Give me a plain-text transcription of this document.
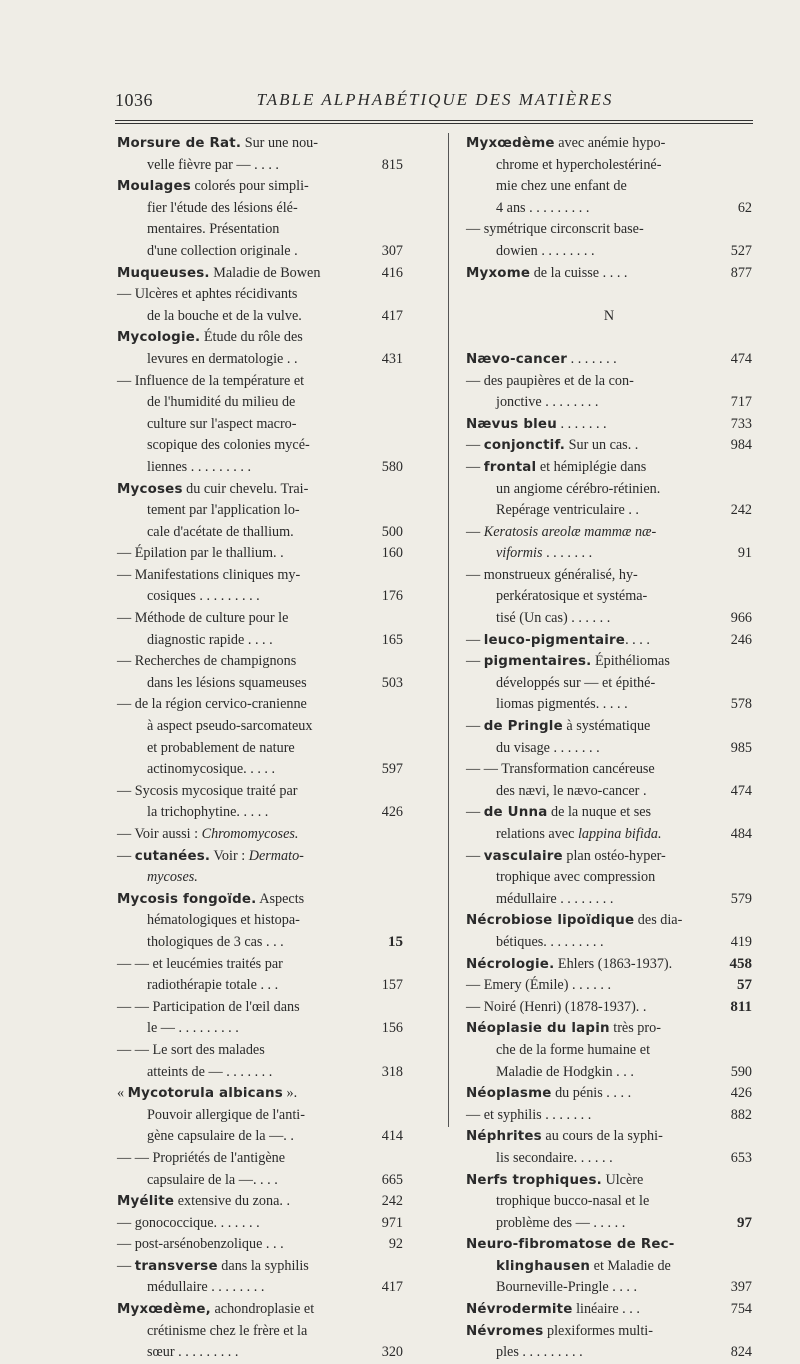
1036	TABLE ALPHABÉTIQUE DES MATIÈRES
Morsure de Rat. Sur une nou-
velle fièvre par — . . . .	815
Moulages colorés pour simpli-
fier l'étude des lésions élé-
mentaires. Présentation
d'une collection originale .	307
Muqueuses. Maladie de Bowen	416
— Ulcères et aphtes récidivants
de la bouche et de la vulve.	417
Mycologie. Étude du rôle des
levures en dermatologie . .	431
— Influence de la température et
de l'humidité du milieu de
culture sur l'aspect macro-
scopique des colonies mycé-
liennes . . . . . . . . .	580
Mycoses du cuir chevelu. Trai-
tement par l'application lo-
cale d'acétate de thallium.	500
— Épilation par le thallium. .	160
— Manifestations cliniques my-
cosiques . . . . . . . . .	176
— Méthode de culture pour le
diagnostic rapide . . . .	165
— Recherches de champignons
dans les lésions squameuses	503
— de la région cervico-cranienne
à aspect pseudo-sarcomateux
et probablement de nature
actinomycosique. . . . .	597
— Sycosis mycosique traité par
la trichophytine. . . . .	426
— Voir aussi : Chromomycoses.
— cutanées. Voir : Dermato-
mycoses.
Mycosis fongoïde. Aspects
hématologiques et histopa-
thologiques de 3 cas . . .	15
— — et leucémies traités par
radiothérapie totale . . .	157
— — Participation de l'œil dans
le — . . . . . . . . .	156
— — Le sort des malades
atteints de — . . . . . . .	318
« Mycotorula albicans ».
Pouvoir allergique de l'anti-
gène capsulaire de la —. .	414
— — Propriétés de l'antigène
capsulaire de la —. . . .	665
Myélite extensive du zona. .	242
— gonococcique. . . . . . .	971
— post-arsénobenzolique . . .	92
— transverse dans la syphilis
médullaire . . . . . . . .	417
Myxœdème, achondroplasie et
crétinisme chez le frère et la
sœur . . . . . . . . .	320
Myxœdème avec anémie hypo-
chrome et hypercholestériné-
mie chez une enfant de
4 ans . . . . . . . . .	62
— symétrique circonscrit base-
dowien . . . . . . . .	527
Myxome de la cuisse . . . .	877
N
Nævo-cancer . . . . . . .	474
— des paupières et de la con-
jonctive . . . . . . . .	717
Nævus bleu . . . . . . .	733
— conjonctif. Sur un cas. .	984
— frontal et hémiplégie dans
un angiome cérébro-rétinien.
Repérage ventriculaire . .	242
— Keratosis areolæ mammæ næ-
viformis . . . . . . .	91
— monstrueux généralisé, hy-
perkératosique et systéma-
tisé (Un cas) . . . . . .	966
— leuco-pigmentaire. . . .	246
— pigmentaires. Épithéliomas
développés sur — et épithé-
liomas pigmentés. . . . .	578
— de Pringle à systématique
du visage . . . . . . .	985
— — Transformation cancéreuse
des nævi, le nævo-cancer .	474
— de Unna de la nuque et ses
relations avec lappina bifida.	484
— vasculaire plan ostéo-hyper-
trophique avec compression
médullaire . . . . . . . .	579
Nécrobiose lipoïdique des dia-
bétiques. . . . . . . . .	419
Nécrologie. Ehlers (1863-1937).	458
— Emery (Émile) . . . . . .	57
— Noiré (Henri) (1878-1937). .	811
Néoplasie du lapin très pro-
che de la forme humaine et
Maladie de Hodgkin . . .	590
Néoplasme du pénis . . . .	426
— et syphilis . . . . . . .	882
Néphrites au cours de la syphi-
lis secondaire. . . . . .	653
Nerfs trophiques. Ulcère
trophique bucco-nasal et le
problème des — . . . . .	97
Neuro-fibromatose de Rec-
klinghausen et Maladie de
Bourneville-Pringle . . . .	397
Névrodermite linéaire . . .	754
Névromes plexiformes multi-
ples . . . . . . . . .	824
